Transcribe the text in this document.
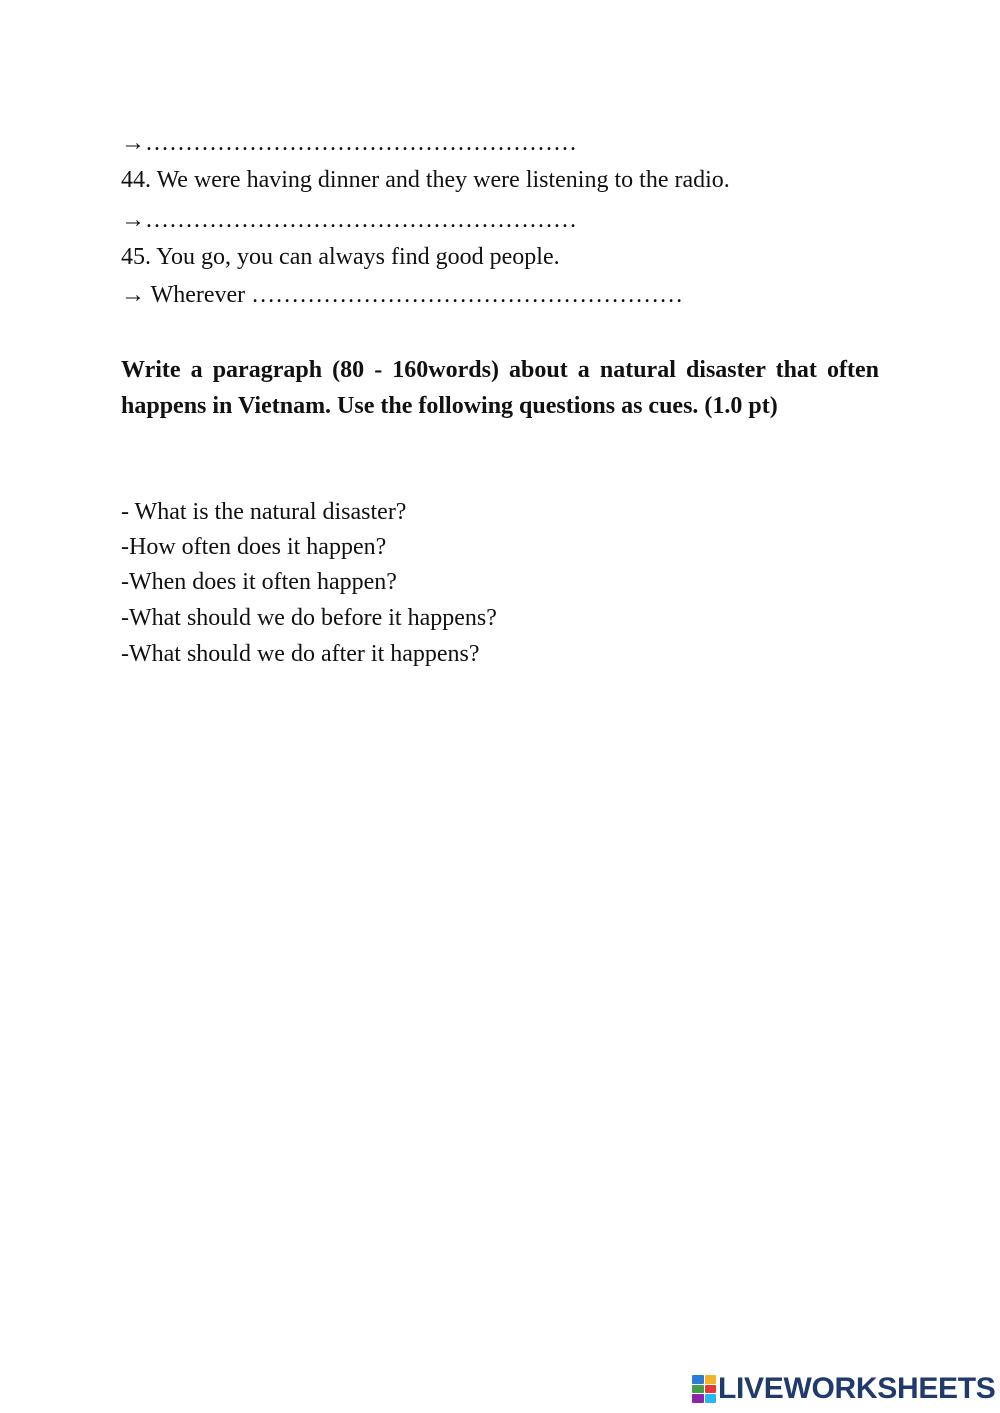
→………………………………………………
44. We were having dinner and they were listening to the radio.
→………………………………………………
45. You go, you can always find good people.
→ Wherever ………………………………………………
Write a paragraph (80 - 160words) about a natural disaster that often happens in Vietnam. Use the following questions as cues. (1.0 pt)
- What is the natural disaster?
-How often does it happen?
-When does it often happen?
-What should we do before it happens?
-What should we do after it happens?
LIVEWORKSHEETS
